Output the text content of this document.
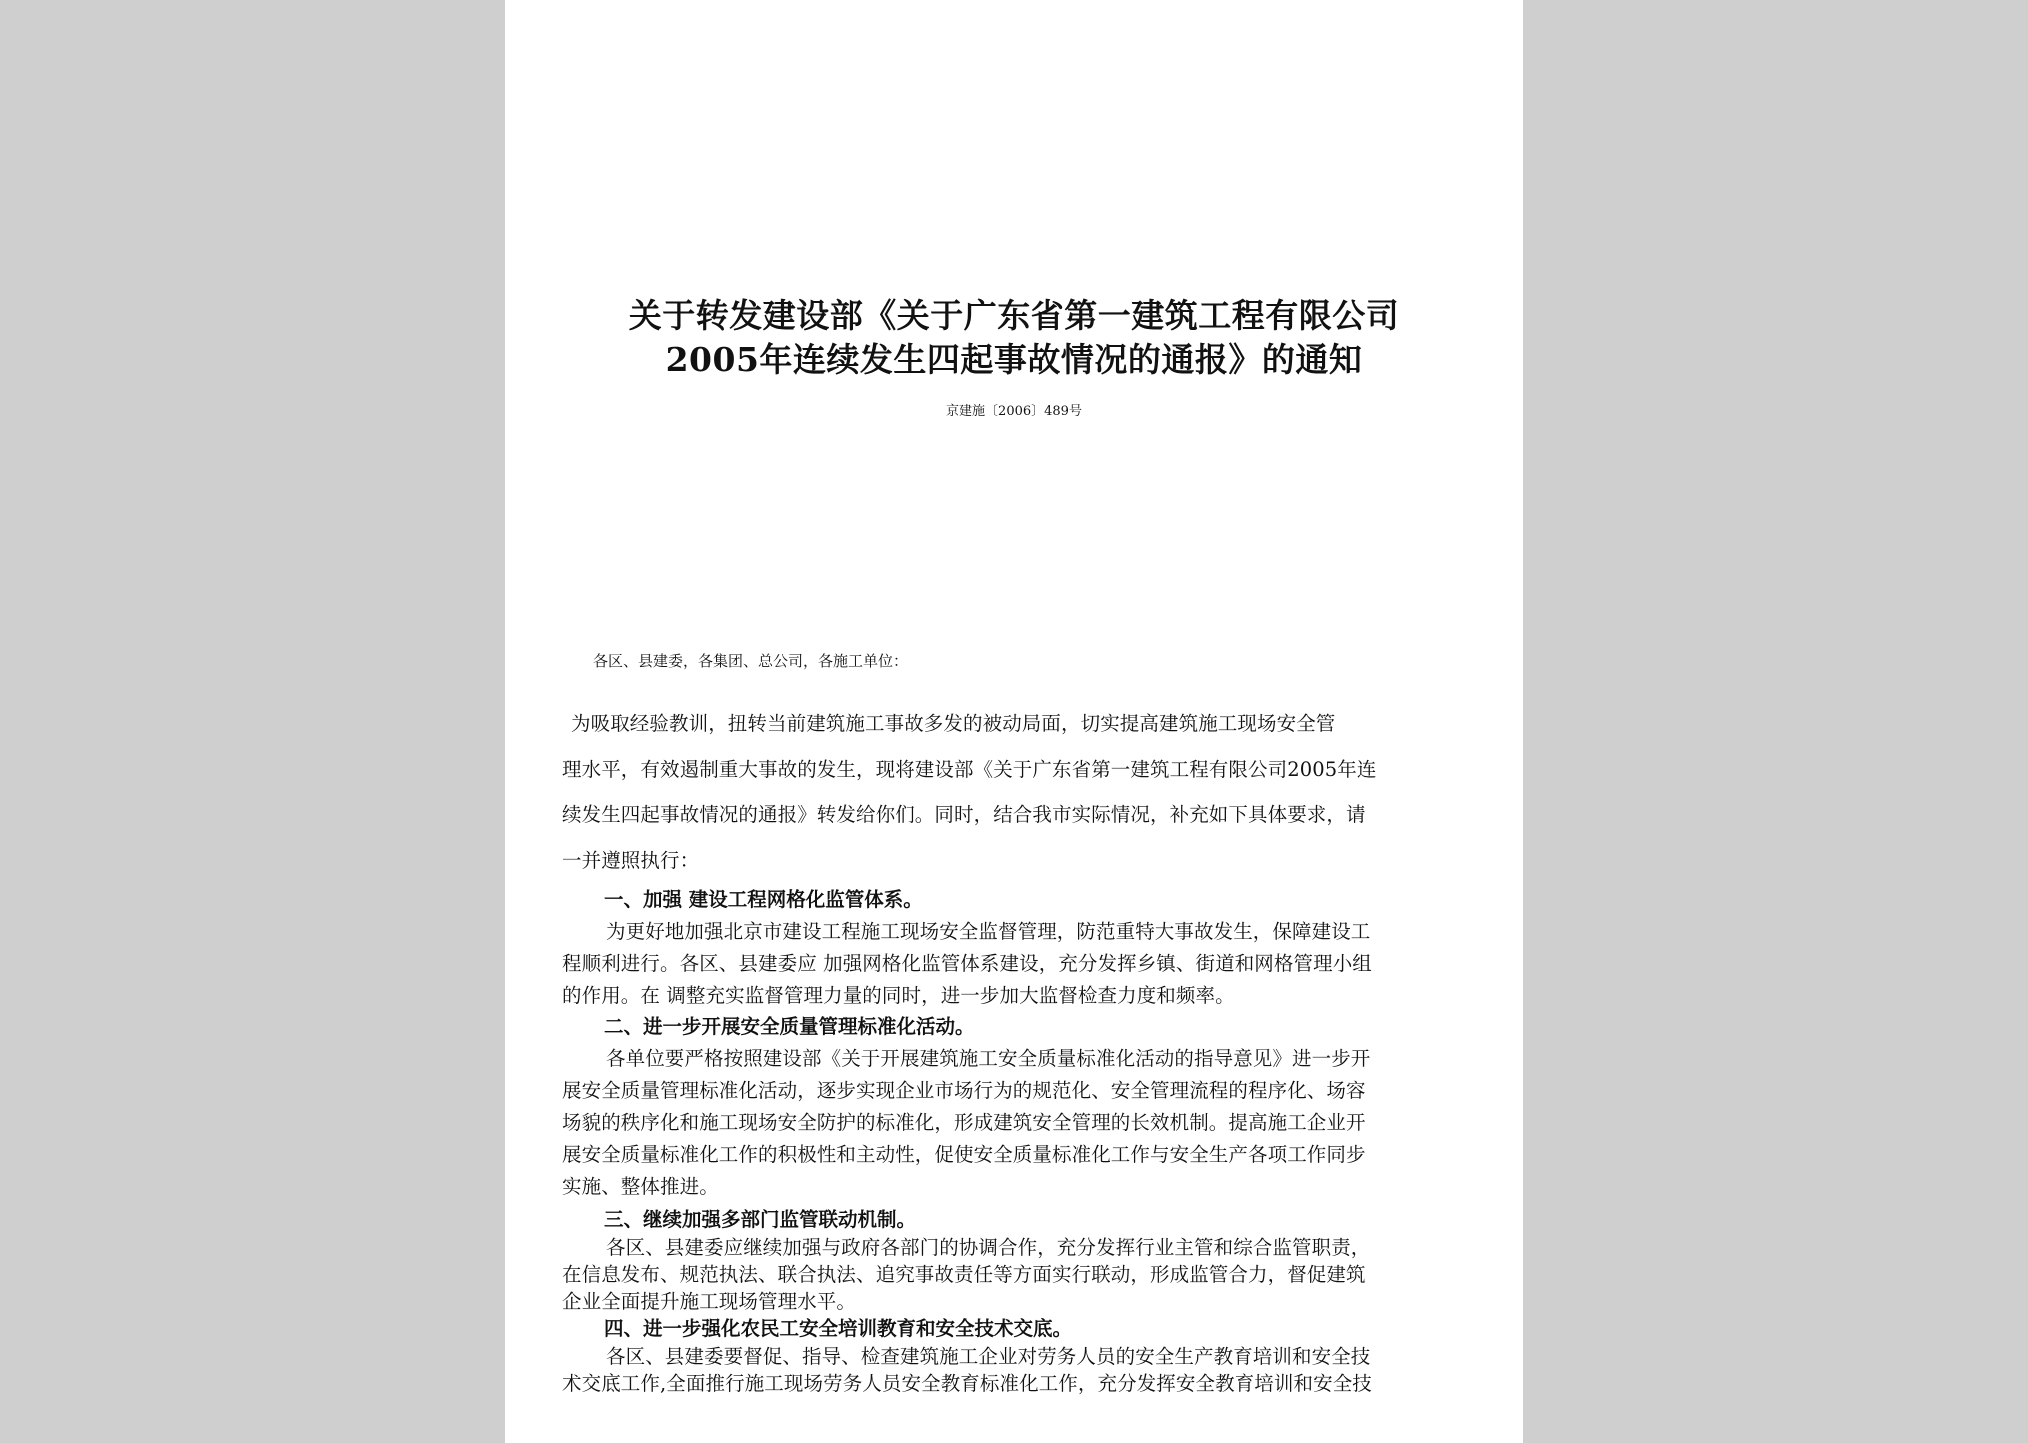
关于转发建设部《关于广东省第一建筑工程有限公司
2005年连续发生四起事故情况的通报》的通知
京建施〔2006〕489号
各区、县建委，各集团、总公司，各施工单位：
为吸取经验教训，扭转当前建筑施工事故多发的被动局面，切实提高建筑施工现场安全管
理水平，有效遏制重大事故的发生，现将建设部《关于广东省第一建筑工程有限公司2005年连
续发生四起事故情况的通报》转发给你们。同时，结合我市实际情况，补充如下具体要求，请
一并遵照执行：
一、加强 建设工程网格化监管体系。
为更好地加强北京市建设工程施工现场安全监督管理，防范重特大事故发生，保障建设工
程顺利进行。各区、县建委应 加强网格化监管体系建设，充分发挥乡镇、街道和网格管理小组
的作用。在 调整充实监督管理力量的同时，进一步加大监督检查力度和频率。
二、进一步开展安全质量管理标准化活动。
各单位要严格按照建设部《关于开展建筑施工安全质量标准化活动的指导意见》进一步开
展安全质量管理标准化活动，逐步实现企业市场行为的规范化、安全管理流程的程序化、场容
场貌的秩序化和施工现场安全防护的标准化，形成建筑安全管理的长效机制。提高施工企业开
展安全质量标准化工作的积极性和主动性，促使安全质量标准化工作与安全生产各项工作同步
实施、整体推进。
三、继续加强多部门监管联动机制。
各区、县建委应继续加强与政府各部门的协调合作，充分发挥行业主管和综合监管职责，
在信息发布、规范执法、联合执法、追究事故责任等方面实行联动，形成监管合力，督促建筑
企业全面提升施工现场管理水平。
四、进一步强化农民工安全培训教育和安全技术交底。
各区、县建委要督促、指导、检查建筑施工企业对劳务人员的安全生产教育培训和安全技
术交底工作,全面推行施工现场劳务人员安全教育标准化工作，充分发挥安全教育培训和安全技
